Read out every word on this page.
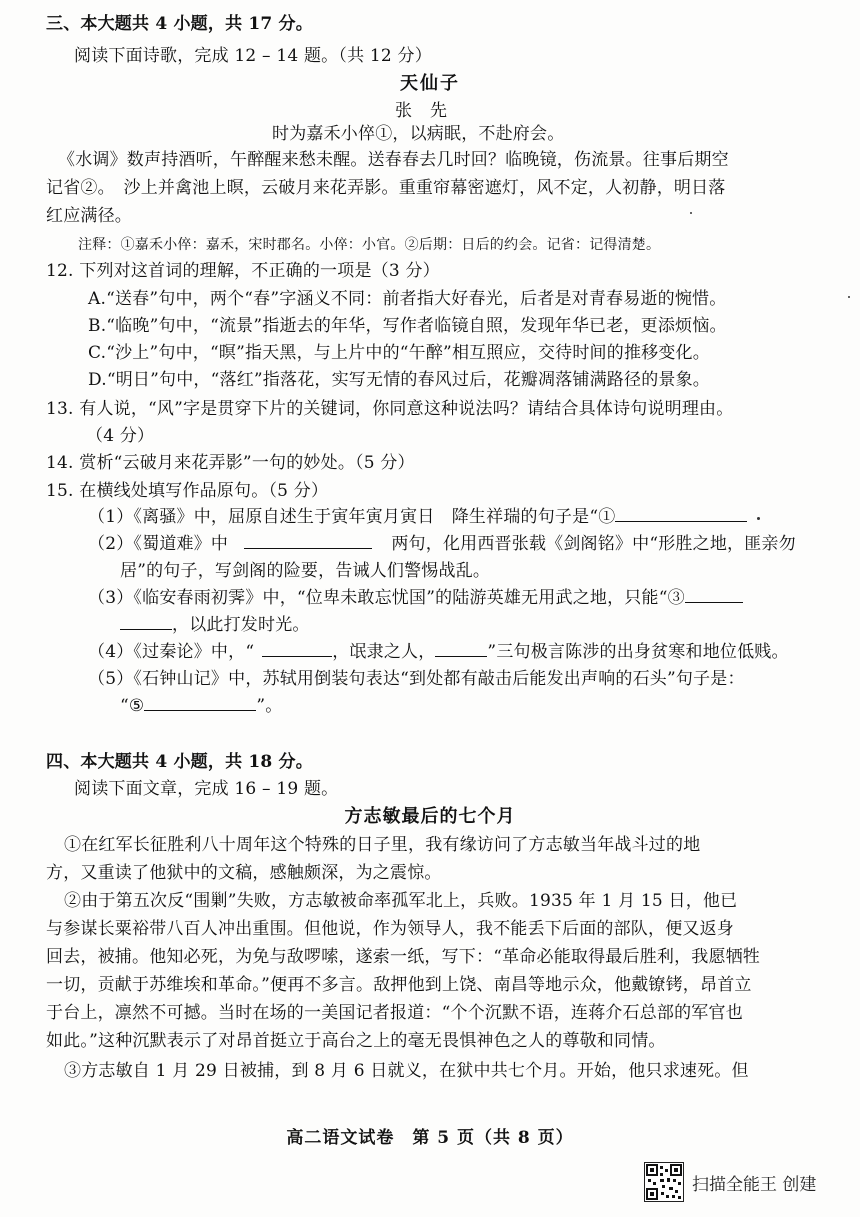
三、本大题共 4 小题，共 17 分。
阅读下面诗歌，完成 12 – 14 题。（共 12 分）
天仙子
张先
时为嘉禾小倅①，以病眠，不赴府会。
《水调》数声持酒听，午醉醒来愁未醒。送春春去几时回？临晚镜，伤流景。往事后期空
记省②。　沙上并禽池上暝，云破月来花弄影。重重帘幕密遮灯，风不定，人初静，明日落
红应满径。
注释：①嘉禾小倅：嘉禾，宋时郡名。小倅：小官。②后期：日后的约会。记省：记得清楚。
12. 下列对这首词的理解，不正确的一项是（3 分）
A.“送春”句中，两个“春”字涵义不同：前者指大好春光，后者是对青春易逝的惋惜。
B.“临晚”句中，“流景”指逝去的年华，写作者临镜自照，发现年华已老，更添烦恼。
C.“沙上”句中，“暝”指天黑，与上片中的“午醉”相互照应，交待时间的推移变化。
D.“明日”句中，“落红”指落花，实写无情的春风过后，花瓣凋落铺满路径的景象。
13. 有人说，“风”字是贯穿下片的关键词，你同意这种说法吗？请结合具体诗句说明理由。
（4 分）
14. 赏析“云破月来花弄影”一句的妙处。（5 分）
15. 在横线处填写作品原句。（5 分）
（1）《离骚》中，屈原自述生于寅年寅月寅日　降生祥瑞的句子是“①
（2）《蜀道难》中	两句，化用西晋张载《剑阁铭》中“形胜之地，匪亲勿
居”的句子，写剑阁的险要，告诫人们警惕战乱。
（3）《临安春雨初霁》中，“位卑未敢忘忧国”的陆游英雄无用武之地，只能“③
，以此打发时光。
（4）《过秦论》中，“	，氓隶之人，	”三句极言陈涉的出身贫寒和地位低贱。
（5）《石钟山记》中，苏轼用倒装句表达“到处都有敲击后能发出声响的石头”句子是：
“⑤	”。
四、本大题共 4 小题，共 18 分。
阅读下面文章，完成 16 – 19 题。
方志敏最后的七个月
①在红军长征胜利八十周年这个特殊的日子里，我有缘访问了方志敏当年战斗过的地
方，又重读了他狱中的文稿，感触颇深，为之震惊。
②由于第五次反“围剿”失败，方志敏被命率孤军北上，兵败。1935 年 1 月 15 日，他已
与参谋长粟裕带八百人冲出重围。但他说，作为领导人，我不能丢下后面的部队，便又返身
回去，被捕。他知必死，为免与敌啰嗦，遂索一纸，写下：“革命必能取得最后胜利，我愿牺牲
一切，贡献于苏维埃和革命。”便再不多言。敌押他到上饶、南昌等地示众，他戴镣铐，昂首立
于台上，凛然不可撼。当时在场的一美国记者报道：“个个沉默不语，连蒋介石总部的军官也
如此。”这种沉默表示了对昂首挺立于高台之上的毫无畏惧神色之人的尊敬和同情。
③方志敏自 1 月 29 日被捕，到 8 月 6 日就义，在狱中共七个月。开始，他只求速死。但
高二语文试卷　第 5 页（共 8 页）
扫描全能王 创建
